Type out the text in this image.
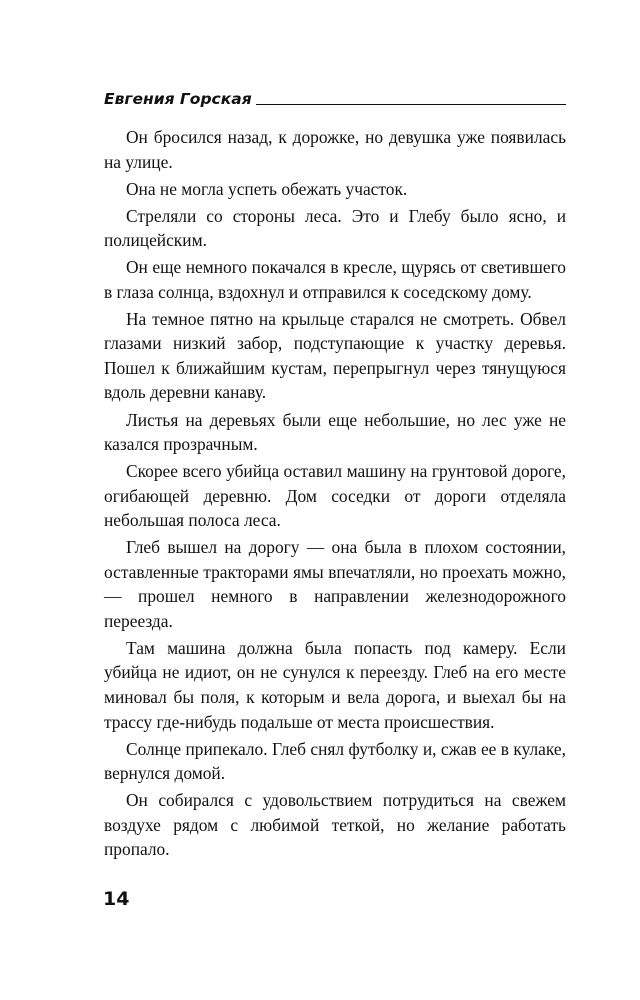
Евгения Горская

Он бросился назад, к дорожке, но девушка уже появилась на улице.

Она не могла успеть обежать участок.

Стреляли со стороны леса. Это и Глебу было ясно, и полицейским.

Он еще немного покачался в кресле, щурясь от светившего в глаза солнца, вздохнул и отправился к соседскому дому.

На темное пятно на крыльце старался не смотреть. Обвел глазами низкий забор, подступающие к участку деревья. Пошел к ближайшим кустам, перепрыгнул через тянущуюся вдоль деревни канаву.

Листья на деревьях были еще небольшие, но лес уже не казался прозрачным.

Скорее всего убийца оставил машину на грунтовой дороге, огибающей деревню. Дом соседки от дороги отделяла небольшая полоса леса.

Глеб вышел на дорогу — она была в плохом состоянии, оставленные тракторами ямы впечатляли, но проехать можно, — прошел немного в направлении железнодорожного переезда.

Там машина должна была попасть под камеру. Если убийца не идиот, он не сунулся к переезду. Глеб на его месте миновал бы поля, к которым и вела дорога, и выехал бы на трассу где-нибудь подальше от места происшествия.

Солнце припекало. Глеб снял футболку и, сжав ее в кулаке, вернулся домой.

Он собирался с удовольствием потрудиться на свежем воздухе рядом с любимой теткой, но желание работать пропало.

14
